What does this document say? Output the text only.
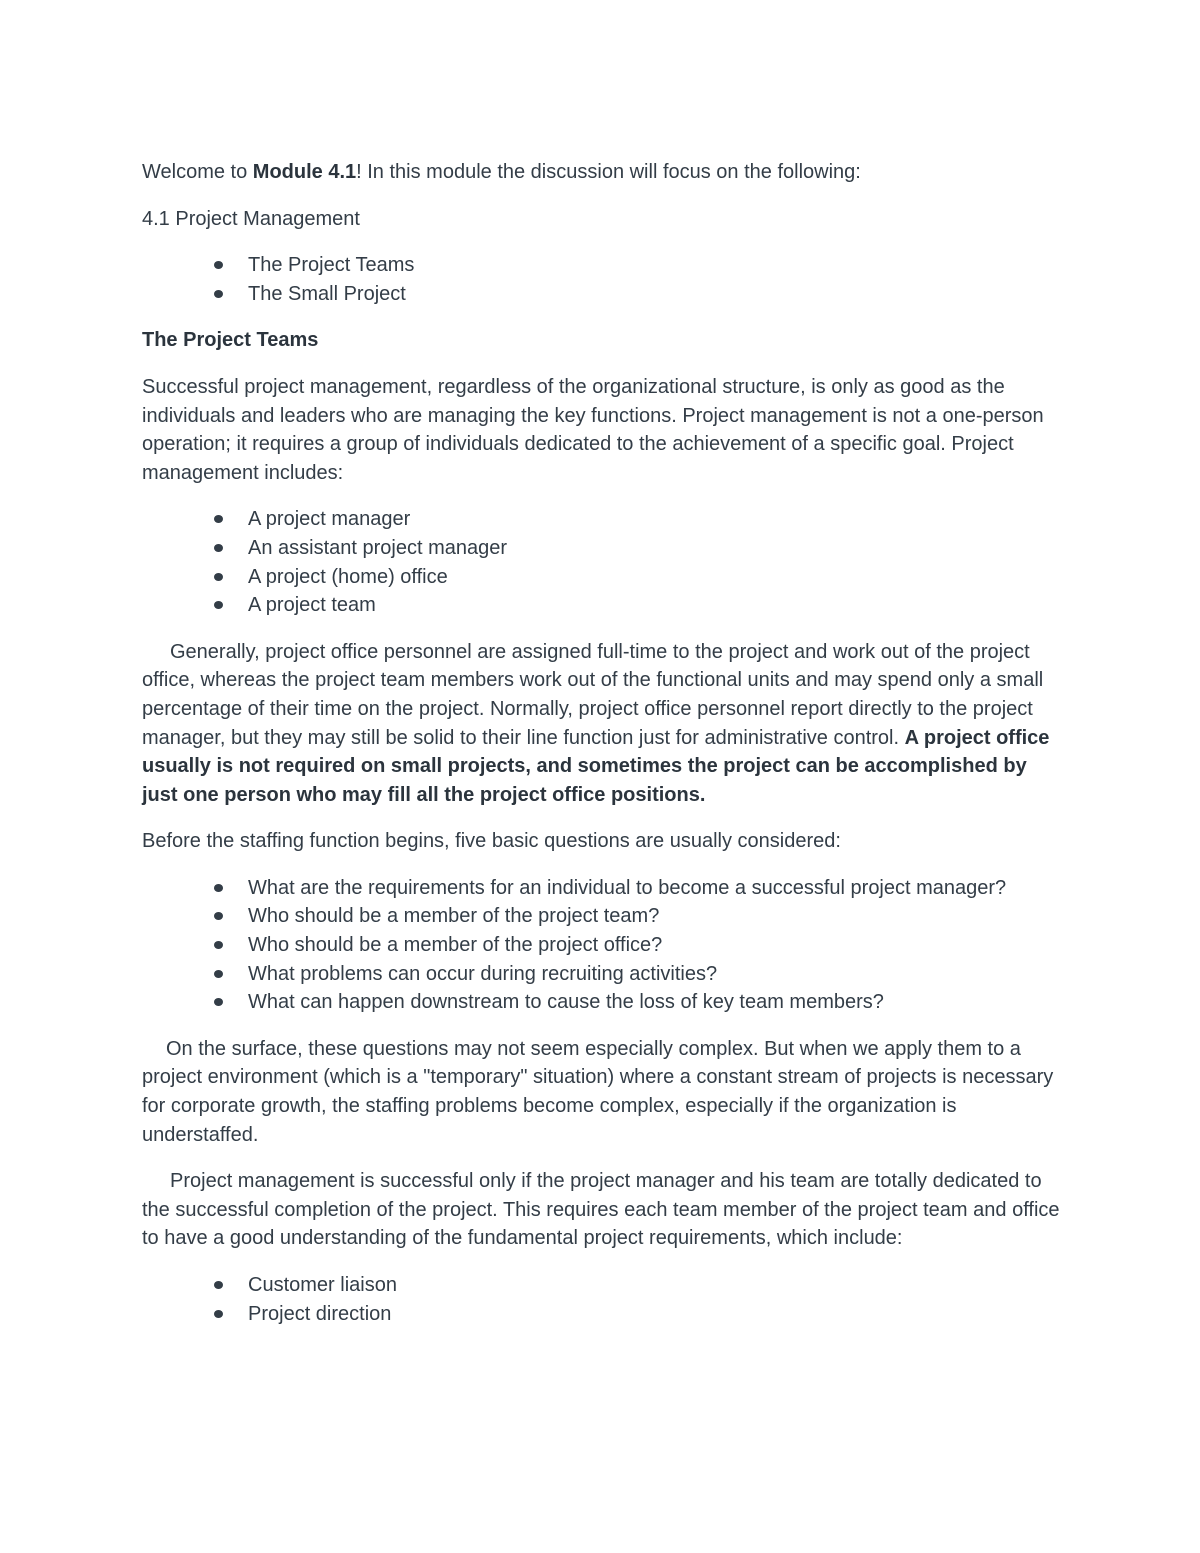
Welcome to Module 4.1! In this module the discussion will focus on the following:

4.1 Project Management

The Project Teams
The Small Project

The Project Teams

Successful project management, regardless of the organizational structure, is only as good as the individuals and leaders who are managing the key functions. Project management is not a one-person operation; it requires a group of individuals dedicated to the achievement of a specific goal. Project management includes:

A project manager
An assistant project manager
A project (home) office
A project team

Generally, project office personnel are assigned full-time to the project and work out of the project office, whereas the project team members work out of the functional units and may spend only a small percentage of their time on the project. Normally, project office personnel report directly to the project manager, but they may still be solid to their line function just for administrative control. A project office usually is not required on small projects, and sometimes the project can be accomplished by just one person who may fill all the project office positions.

Before the staffing function begins, five basic questions are usually considered:

What are the requirements for an individual to become a successful project manager?
Who should be a member of the project team?
Who should be a member of the project office?
What problems can occur during recruiting activities?
What can happen downstream to cause the loss of key team members?

On the surface, these questions may not seem especially complex. But when we apply them to a project environment (which is a "temporary" situation) where a constant stream of projects is necessary for corporate growth, the staffing problems become complex, especially if the organization is understaffed.

Project management is successful only if the project manager and his team are totally dedicated to the successful completion of the project. This requires each team member of the project team and office to have a good understanding of the fundamental project requirements, which include:

Customer liaison
Project direction
